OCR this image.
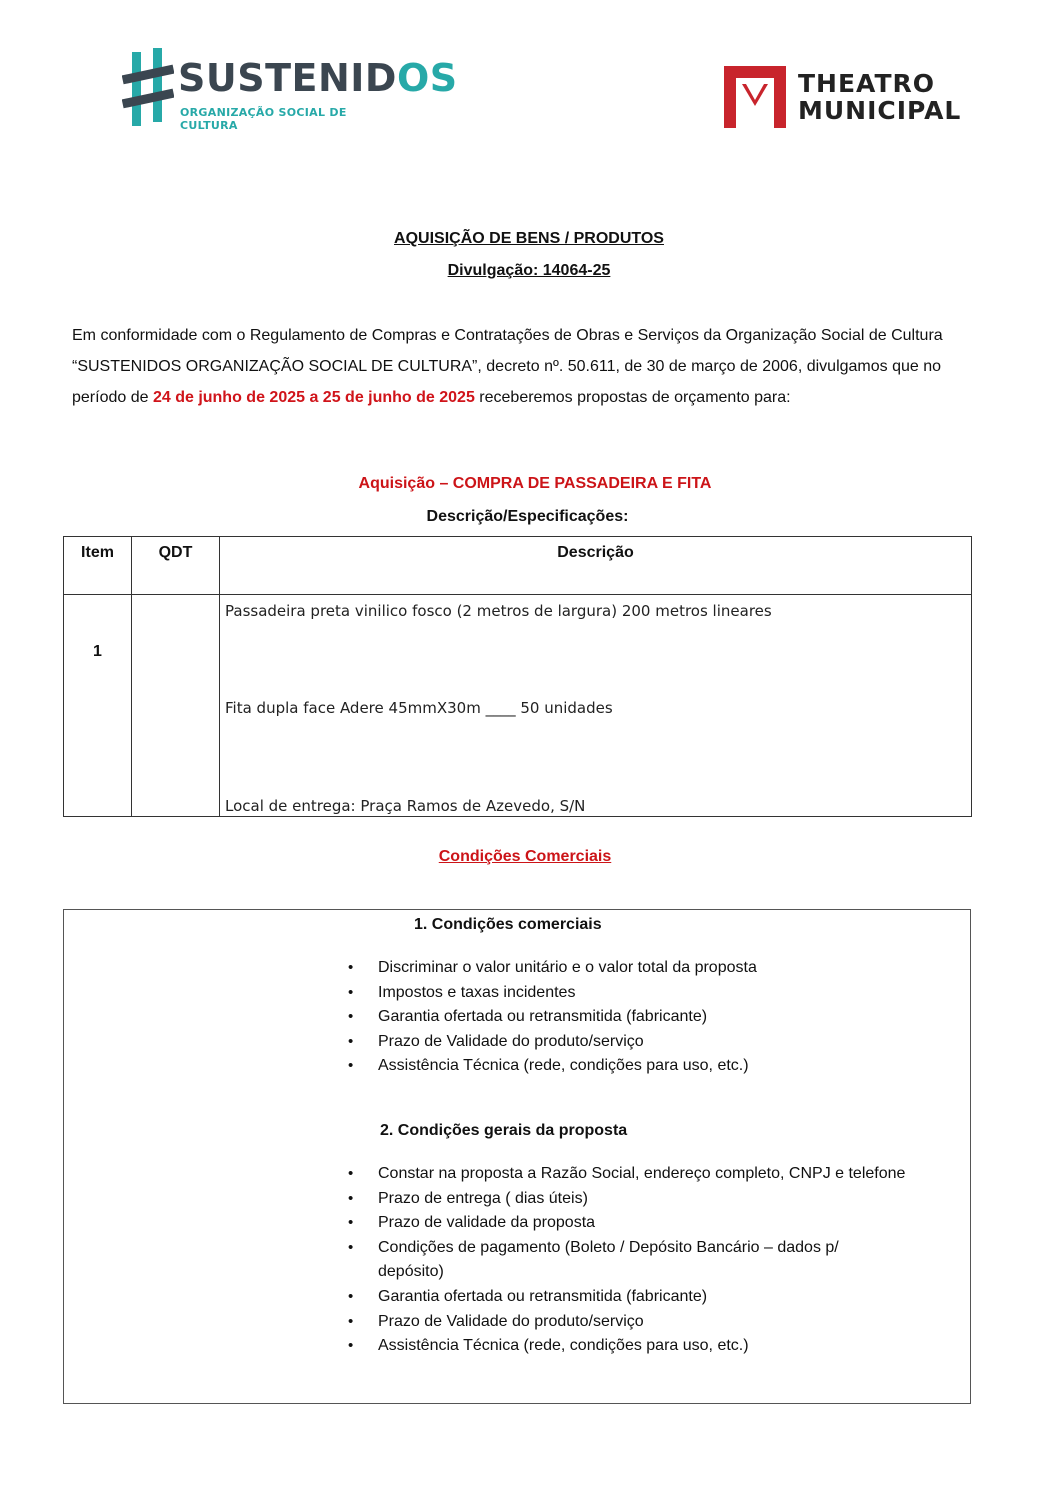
SUSTENIDOS
ORGANIZAÇÃO SOCIAL DE CULTURA
THEATRO
MUNICIPAL
AQUISIÇÃO DE BENS / PRODUTOS
Divulgação: 14064-25
Em conformidade com o Regulamento de Compras e Contratações de Obras e Serviços da Organização Social de Cultura “SUSTENIDOS ORGANIZAÇÃO SOCIAL DE CULTURA”, decreto nº. 50.611, de 30 de março de 2006, divulgamos que no período de 24 de junho de 2025 a 25 de junho de 2025 receberemos propostas de orçamento para:
Aquisição – COMPRA DE PASSADEIRA E FITA
Descrição/Especificações:
Item	QDT	Descrição
1		Passadeira preta vinilico fosco (2 metros de largura) 200 metros lineares
Fita dupla face Adere 45mmX30m ____ 50 unidades
Local de entrega: Praça Ramos de Azevedo, S/N
Condições Comerciais
1. Condições comerciais
• Discriminar o valor unitário e o valor total da proposta
• Impostos e taxas incidentes
• Garantia ofertada ou retransmitida (fabricante)
• Prazo de Validade do produto/serviço
• Assistência Técnica (rede, condições para uso, etc.)
2. Condições gerais da proposta
• Constar na proposta a Razão Social, endereço completo, CNPJ e telefone
• Prazo de entrega ( dias úteis)
• Prazo de validade da proposta
• Condições de pagamento (Boleto / Depósito Bancário – dados p/ depósito)
• Garantia ofertada ou retransmitida (fabricante)
• Prazo de Validade do produto/serviço
• Assistência Técnica (rede, condições para uso, etc.)
